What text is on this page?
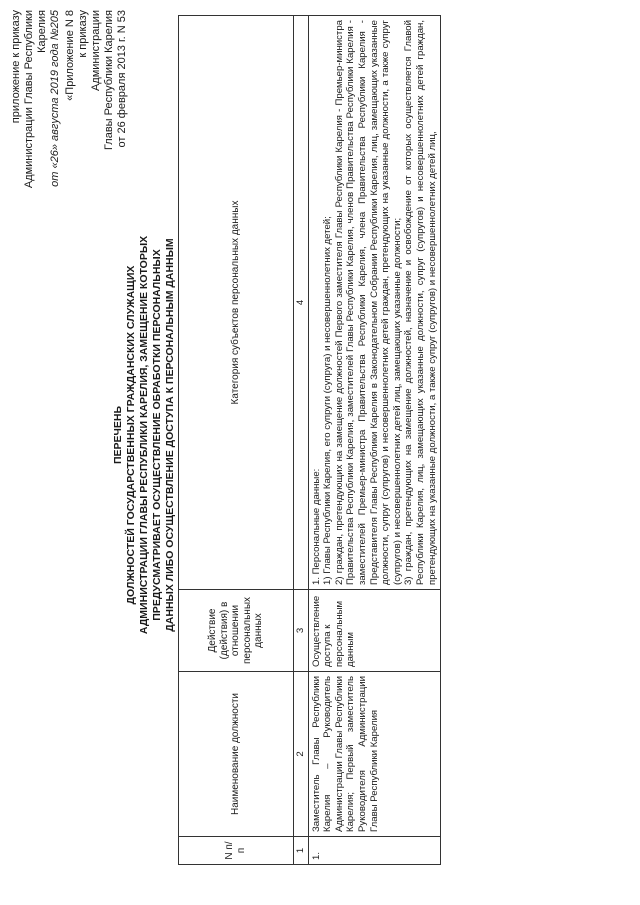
приложение к приказу Администрации Главы Республики Карелия от «26» августа 2019 года №205 «Приложение N 8 к приказу Администрации Главы Республики Карелия от 26 февраля 2013 г. N 53
ПЕРЕЧЕНЬ ДОЛЖНОСТЕЙ ГОСУДАРСТВЕННЫХ ГРАЖДАНСКИХ СЛУЖАЩИХ АДМИНИСТРАЦИИ ГЛАВЫ РЕСПУБЛИКИ КАРЕЛИЯ, ЗАМЕЩЕНИЕ КОТОРЫХ ПРЕДУСМАТРИВАЕТ ОСУЩЕСТВЛЕНИЕ ОБРАБОТКИ ПЕРСОНАЛЬНЫХ ДАННЫХ ЛИБО ОСУЩЕСТВЛЕНИЕ ДОСТУПА К ПЕРСОНАЛЬНЫМ ДАННЫМ
N п/п	Наименование должности	Действие (действия) в отношении персональных данных	Категория субъектов персональных данных
1	2	3	4
1.	Заместитель Главы Республики Карелия – Руководитель Администрации Главы Республики Карелия; Первый заместитель Руководителя Администрации Главы Республики Карелия	Осуществление доступа к персональным данным	1. Персональные данные: 1) Главы Республики Карелия, его супруги (супруга) и несовершеннолетних детей; 2) граждан, претендующих на замещение должностей Первого заместителя Главы Республики Карелия - Премьер-министра Правительства Республики Карелия, заместителей Главы Республики Карелия, членов Правительства Республики Карелия - заместителей Премьер-министра Правительства Республики Карелия, члена Правительства Республики Карелия - Представителя Главы Республики Карелия в Законодательном Собрании Республики Карелия, лиц, замещающих указанные должности, супруг (супругов) и несовершеннолетних детей граждан, претендующих на указанные должности, а также супруг (супругов) и несовершеннолетних детей лиц, замещающих указанные должности; 3) граждан, претендующих на замещение должностей, назначение и освобождение от которых осуществляется Главой Республики Карелия, лиц, замещающих указанные должности, супруг (супругов) и несовершеннолетних детей граждан, претендующих на указанные должности, а также супруг (супругов) и несовершеннолетних детей лиц,
